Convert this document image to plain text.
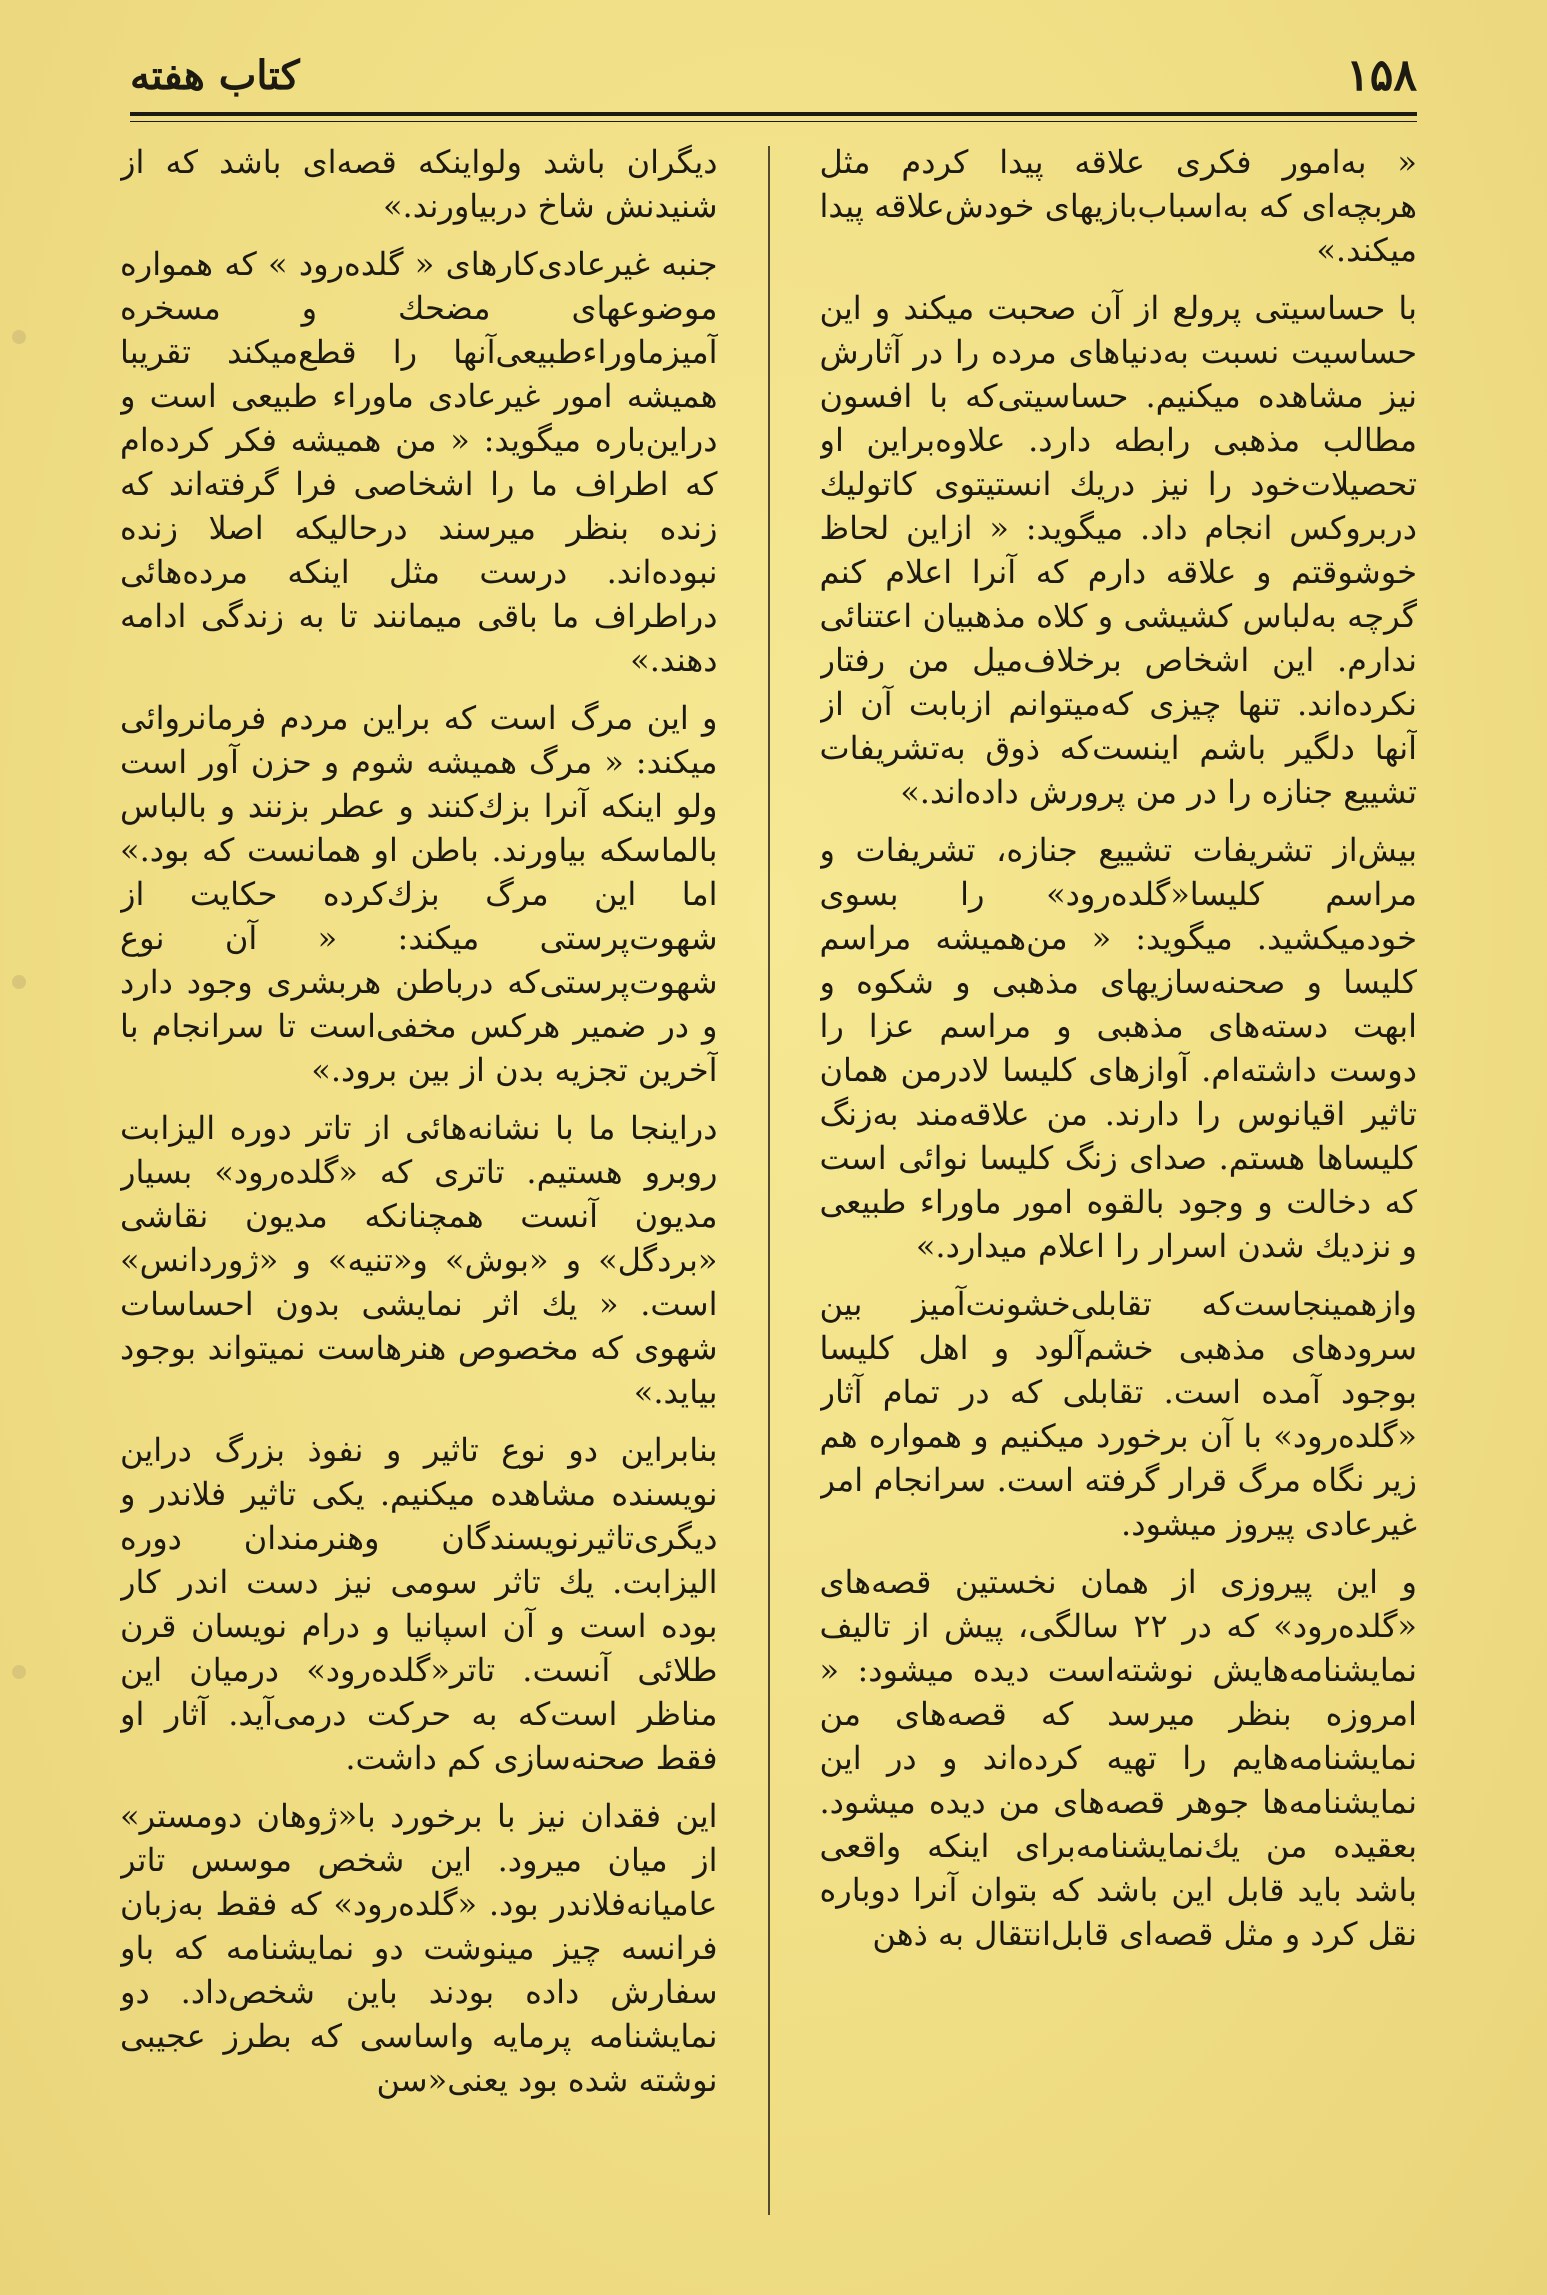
۱۵۸
کتاب هفته

« به‌امور فکری علاقه پیدا کردم مثل هربچه‌ای که به‌اسباب‌بازیهای خودش‌علاقه پیدا میکند.»

با حساسیتی پرولع از آن صحبت میکند و این حساسیت نسبت به‌دنیاهای مرده را در آثارش نیز مشاهده میکنیم. حساسیتی‌که با افسون مطالب مذهبی رابطه دارد. علاوه‌براین او تحصیلات‌خود را نیز دریك انستیتوی کاتولیك دربروکس انجام داد. میگوید: « ازاین لحاظ خوشوقتم و علاقه دارم که آنرا اعلام کنم گرچه به‌لباس کشیشی و کلاه مذهبیان اعتنائی ندارم. این اشخاص برخلاف‌میل من رفتار نکرده‌اند. تنها چیزی که‌میتوانم ازبابت آن از آنها دلگیر باشم اینست‌که ذوق به‌تشریفات تشییع جنازه را در من پرورش داده‌اند.»

بیش‌از تشریفات تشییع جنازه، تشریفات و مراسم کلیسا«گلده‌رود» را بسوی خودمیکشید. میگوید: « من‌همیشه مراسم کلیسا و صحنه‌سازیهای مذهبی و شکوه و ابهت دسته‌های مذهبی و مراسم عزا را دوست داشته‌ام. آوازهای کلیسا لادرمن همان تاثیر اقیانوس را دارند. من علاقه‌مند به‌زنگ کلیساها هستم. صدای زنگ کلیسا نوائی است که دخالت و وجود بالقوه امور ماوراء طبیعی و نزدیك شدن اسرار را اعلام میدارد.»

وازهمینجاست‌که تقابلی‌خشونت‌آمیز بین سرودهای مذهبی خشم‌آلود و اهل کلیسا بوجود آمده است. تقابلی که در تمام آثار «گلده‌رود» با آن برخورد میکنیم و همواره هم زیر نگاه مرگ قرار گرفته است. سرانجام امر غیرعادی پیروز میشود.

و این پیروزی از همان نخستین قصه‌های «گلده‌رود» که در ۲۲ سالگی، پیش از تالیف نمایشنامه‌هایش نوشته‌است دیده میشود: « امروزه بنظر میرسد که قصه‌های من نمایشنامه‌هایم را تهیه کرده‌اند و در این نمایشنامه‌ها جوهر قصه‌های من دیده میشود. بعقیده من یك‌نمایشنامه‌برای اینکه واقعی باشد باید قابل این باشد که بتوان آنرا دوباره نقل کرد و مثل قصه‌ای قابل‌انتقال به ذهن

دیگران باشد ولواینکه قصه‌ای باشد که از شنیدنش شاخ دربیاورند.»

جنبه غیرعادی‌کارهای « گلده‌رود » که همواره موضوعهای مضحك و مسخره آمیزماوراءطبیعی‌آنها را قطع‌میکند تقریبا همیشه امور غیرعادی ماوراء طبیعی است و دراین‌باره میگوید: « من همیشه فکر کرده‌ام که اطراف ما را اشخاصی فرا گرفته‌اند که زنده بنظر میرسند درحالیکه اصلا زنده نبوده‌اند. درست مثل اینکه مرده‌هائی دراطراف ما باقی میمانند تا به زندگی ادامه دهند.»

و این مرگ است که براین مردم فرمانروائی میکند: « مرگ همیشه شوم و حزن آور است ولو اینکه آنرا بزك‌کنند و عطر بزنند و بالباس بالماسکه بیاورند. باطن او همانست که بود.» اما این مرگ بزك‌کرده حکایت از شهوت‌پرستی میکند: « آن نوع شهوت‌پرستی‌که درباطن هربشری وجود دارد و در ضمیر هرکس مخفی‌است تا سرانجام با آخرین تجزیه بدن از بین برود.»

دراینجا ما با نشانه‌هائی از تاتر دوره الیزابت روبرو هستیم. تاتری که «گلده‌رود» بسیار مدیون آنست همچنانکه مدیون نقاشی «بردگل» و «بوش» و«تنیه» و «ژوردانس» است. « یك اثر نمایشی بدون احساسات شهوی که مخصوص هنرهاست نمیتواند بوجود بیاید.»

بنابراین دو نوع تاثیر و نفوذ بزرگ دراین نویسنده مشاهده میکنیم. یکی تاثیر فلاندر و دیگری‌تاثیرنویسندگان وهنرمندان دوره الیزابت. یك تاثر سومی نیز دست اندر کار بوده است و آن اسپانیا و درام نویسان قرن طلائی آنست. تاتر«گلده‌رود» درمیان این مناظر است‌که به حرکت درمی‌آید. آثار او فقط صحنه‌سازی کم داشت.

این فقدان نیز با برخورد با«ژوهان دومستر» از میان میرود. این شخص موسس تاتر عامیانه‌فلاندر بود. «گلده‌رود» که فقط به‌زبان فرانسه چیز مینوشت دو نمایشنامه که باو سفارش داده بودند باین شخص‌داد. دو نمایشنامه پرمایه واساسی که بطرز عجیبی نوشته شده بود یعنی«سن
